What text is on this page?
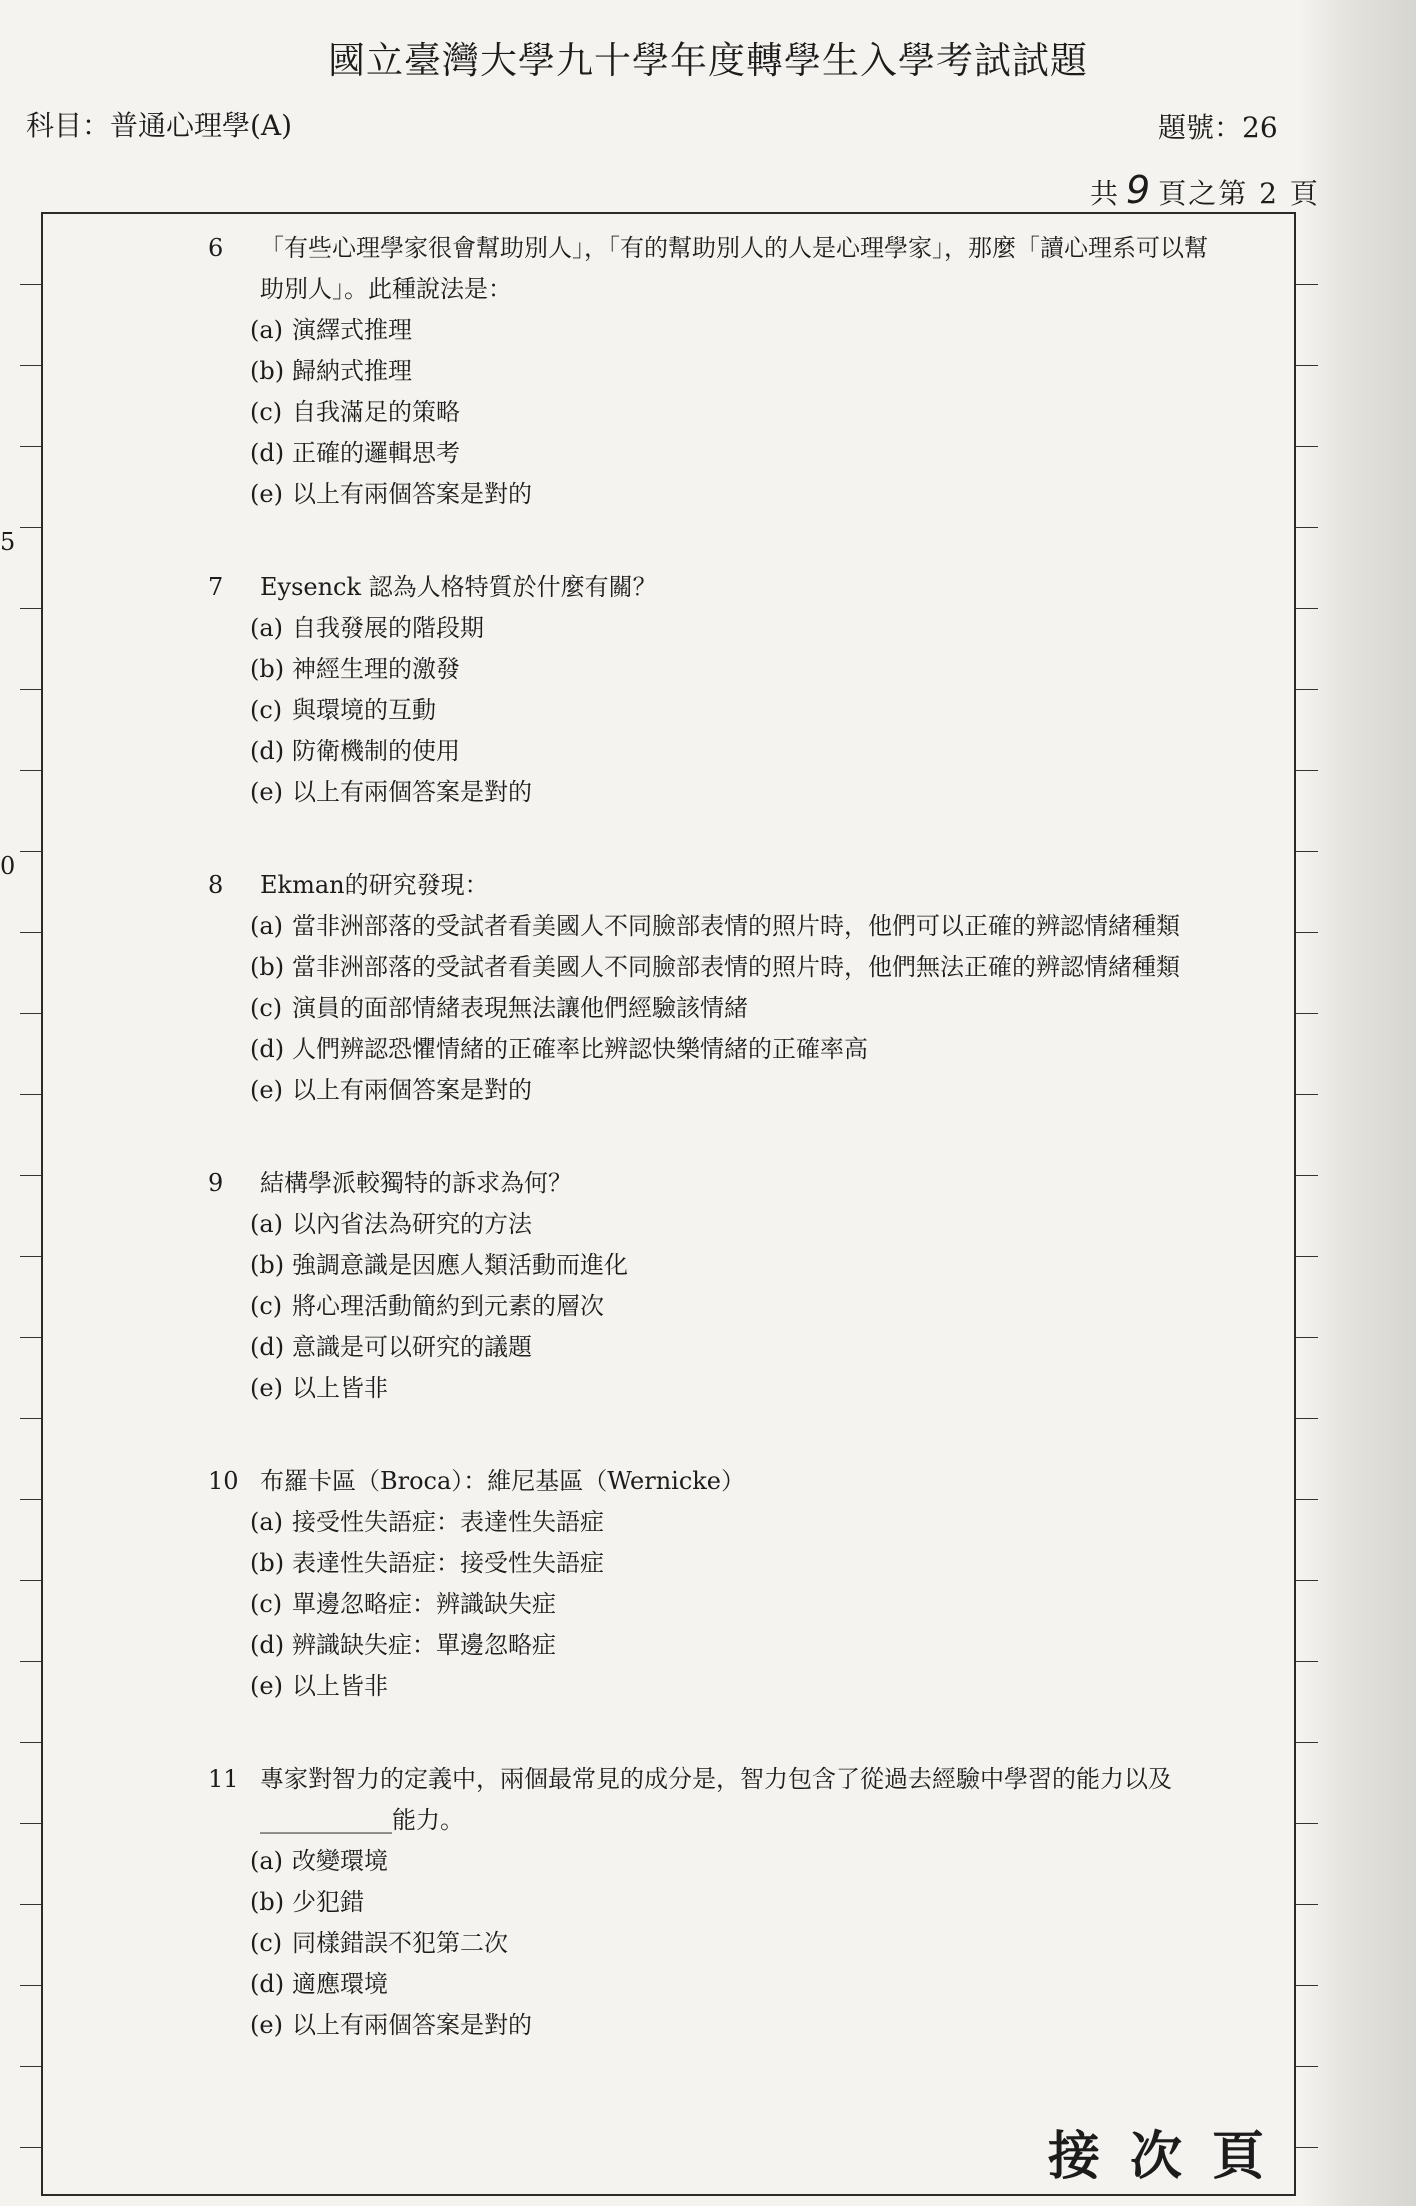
國立臺灣大學九十學年度轉學生入學考試試題
科目：普通心理學(A)	題號：26
共 9 頁之第 2 頁
5
0
6	「有些心理學家很會幫助別人」，「有的幫助別人的人是心理學家」，那麼「讀心理系可以幫助別人」。此種說法是：
(a) 演繹式推理
(b) 歸納式推理
(c) 自我滿足的策略
(d) 正確的邏輯思考
(e) 以上有兩個答案是對的
7	Eysenck 認為人格特質於什麼有關？
(a) 自我發展的階段期
(b) 神經生理的激發
(c) 與環境的互動
(d) 防衛機制的使用
(e) 以上有兩個答案是對的
8	Ekman的研究發現：
(a) 當非洲部落的受試者看美國人不同臉部表情的照片時，他們可以正確的辨認情緒種類
(b) 當非洲部落的受試者看美國人不同臉部表情的照片時，他們無法正確的辨認情緒種類
(c) 演員的面部情緒表現無法讓他們經驗該情緒
(d) 人們辨認恐懼情緒的正確率比辨認快樂情緒的正確率高
(e) 以上有兩個答案是對的
9	結構學派較獨特的訴求為何？
(a) 以內省法為研究的方法
(b) 強調意識是因應人類活動而進化
(c) 將心理活動簡約到元素的層次
(d) 意識是可以研究的議題
(e) 以上皆非
10 布羅卡區（Broca）：維尼基區（Wernicke）
(a) 接受性失語症：表達性失語症
(b) 表達性失語症：接受性失語症
(c) 單邊忽略症：辨識缺失症
(d) 辨識缺失症：單邊忽略症
(e) 以上皆非
11 專家對智力的定義中，兩個最常見的成分是，智力包含了從過去經驗中學習的能力以及___________能力。
(a) 改變環境
(b) 少犯錯
(c) 同樣錯誤不犯第二次
(d) 適應環境
(e) 以上有兩個答案是對的
接次頁
